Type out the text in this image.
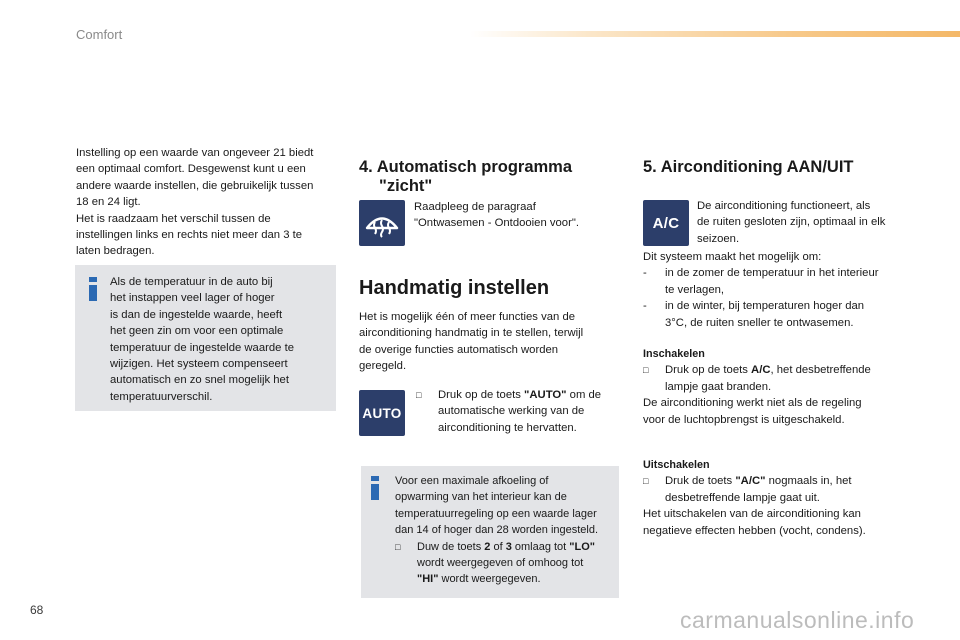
Comfort
Instelling op een waarde van ongeveer 21 biedt
een optimaal comfort. Desgewenst kunt u een
andere waarde instellen, die gebruikelijk tussen
18 en 24 ligt.
Het is raadzaam het verschil tussen de
instellingen links en rechts niet meer dan 3 te
laten bedragen.
Als de temperatuur in de auto bij
het instappen veel lager of hoger
is dan de ingestelde waarde, heeft
het geen zin om voor een optimale
temperatuur de ingestelde waarde te
wijzigen. Het systeem compenseert
automatisch en zo snel mogelijk het
temperatuurverschil.
4. Automatisch programma
"zicht"
Raadpleeg de paragraaf
"Ontwasemen - Ontdooien voor".
Handmatig instellen
Het is mogelijk één of meer functies van de
airconditioning handmatig in te stellen, terwijl
de overige functies automatisch worden
geregeld.
AUTO
□ Druk op de toets "AUTO" om de
automatische werking van de
airconditioning te hervatten.
Voor een maximale afkoeling of
opwarming van het interieur kan de
temperatuurregeling op een waarde lager
dan 14 of hoger dan 28 worden ingesteld.
□ Duw de toets 2 of 3 omlaag tot "LO"
wordt weergegeven of omhoog tot
"HI" wordt weergegeven.
5. Airconditioning AAN/UIT
A/C
De airconditioning functioneert, als
de ruiten gesloten zijn, optimaal in elk
seizoen.
Dit systeem maakt het mogelijk om:
- in de zomer de temperatuur in het interieur
te verlagen,
- in de winter, bij temperaturen hoger dan
3°C, de ruiten sneller te ontwasemen.
Inschakelen
□ Druk op de toets A/C, het desbetreffende
lampje gaat branden.
De airconditioning werkt niet als de regeling
voor de luchtopbrengst is uitgeschakeld.
Uitschakelen
□ Druk de toets "A/C" nogmaals in, het
desbetreffende lampje gaat uit.
Het uitschakelen van de airconditioning kan
negatieve effecten hebben (vocht, condens).
68	carmanualsonline.info
